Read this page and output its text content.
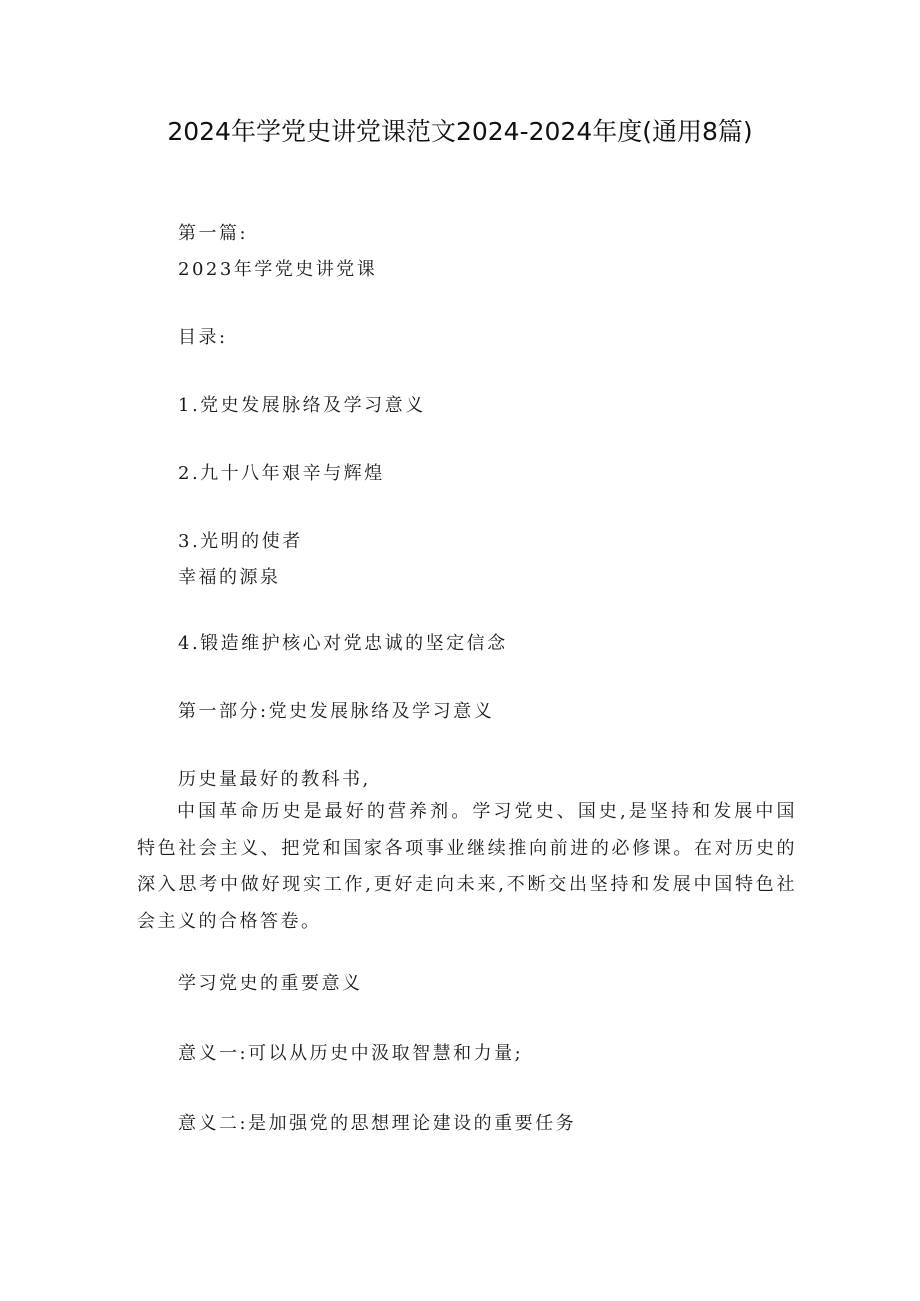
2024年学党史讲党课范文2024-2024年度(通用8篇)
第一篇:
2023年学党史讲党课
目录:
1.党史发展脉络及学习意义
2.九十八年艰辛与辉煌
3.光明的使者
幸福的源泉
4.锻造维护核心对党忠诚的坚定信念
第一部分:党史发展脉络及学习意义
历史量最好的教科书,
中国革命历史是最好的营养剂。学习党史、国史,是坚持和发展中国特色社会主义、把党和国家各项事业继续推向前进的必修课。在对历史的深入思考中做好现实工作,更好走向未来,不断交出坚持和发展中国特色社会主义的合格答卷。
学习党史的重要意义
意义一:可以从历史中汲取智慧和力量;
意义二:是加强党的思想理论建设的重要任务
